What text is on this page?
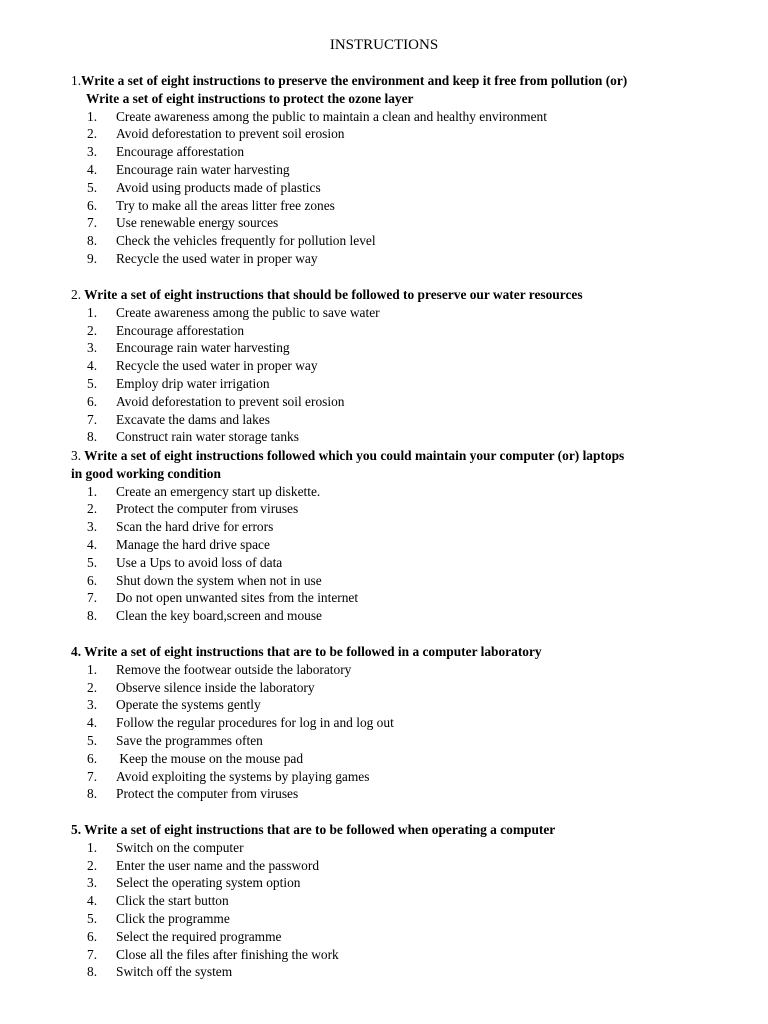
INSTRUCTIONS
1.Write a set of eight instructions to preserve the environment and keep it free from pollution (or)
Write a set of eight instructions to protect the ozone layer
1.	Create awareness among the public to maintain a clean and healthy environment
2.	Avoid deforestation to prevent soil erosion
3.	Encourage afforestation
4.	Encourage rain water harvesting
5.	Avoid using products made of plastics
6.	Try to make all the areas litter free zones
7.	Use renewable energy sources
8.	Check the vehicles frequently for pollution level
9.	Recycle the used water in proper way
2. Write a set of eight instructions that should be followed to preserve our water resources
1.	Create awareness among the public to save water
2.	Encourage afforestation
3.	Encourage rain water harvesting
4.	Recycle the used water in proper way
5.	Employ drip water irrigation
6.	Avoid deforestation to prevent soil erosion
7.	Excavate the dams and lakes
8.	Construct rain water storage tanks
3. Write a set of eight instructions followed which you could maintain your computer (or) laptops
in good working condition
1.	Create an emergency start up diskette.
2.	Protect the computer from viruses
3.	Scan the hard drive for errors
4.	Manage the hard drive space
5.	Use a Ups to avoid loss of data
6.	Shut down the system when not in use
7.	Do not open unwanted sites from the internet
8.	Clean the key board,screen and mouse
4. Write a set of eight instructions that are to be followed in a computer laboratory
1.	Remove the footwear outside the laboratory
2.	Observe silence inside the laboratory
3.	Operate the systems gently
4.	Follow the regular procedures for log in and log out
5.	Save the programmes often
6.	Keep the mouse on the mouse pad
7.	Avoid exploiting the systems by playing games
8.	Protect the computer from viruses
5. Write a set of eight instructions that are to be followed when operating a computer
1.	Switch on the computer
2.	Enter the user name and the password
3.	Select the operating system option
4.	Click the start button
5.	Click the programme
6.	Select the required programme
7.	Close all the files after finishing the work
8.	Switch off the system
